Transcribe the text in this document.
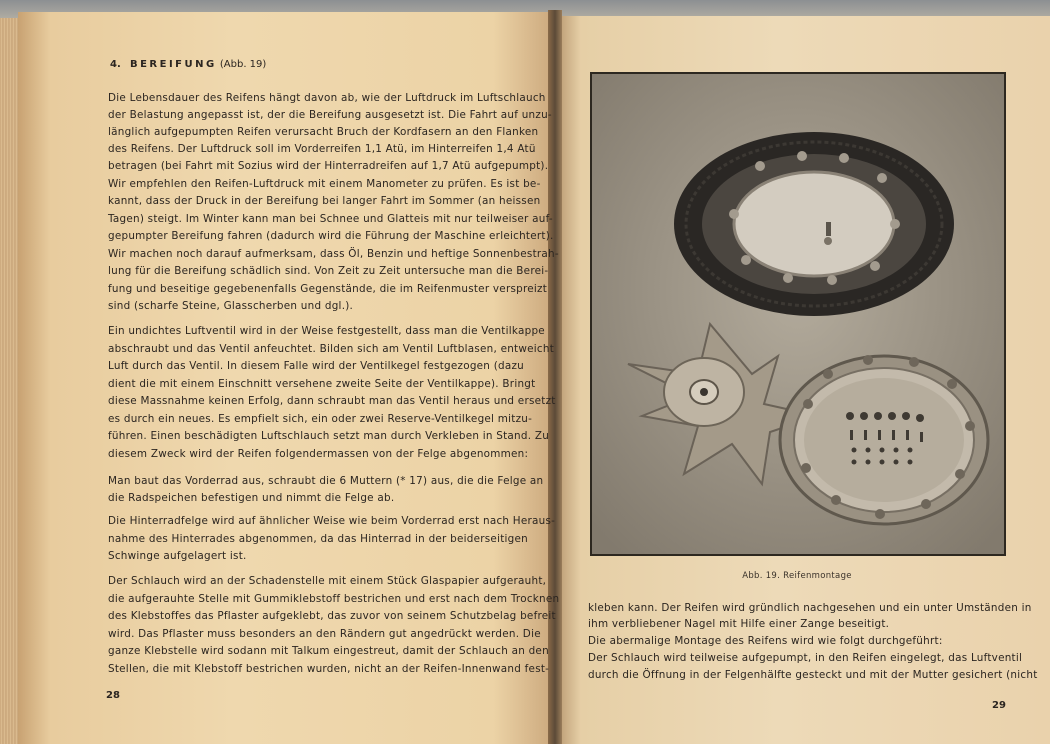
4. BEREIFUNG (Abb. 19)
Die Lebensdauer des Reifens hängt davon ab, wie der Luftdruck im Luftschlauch
der Belastung angepasst ist, der die Bereifung ausgesetzt ist. Die Fahrt auf unzu-
länglich aufgepumpten Reifen verursacht Bruch der Kordfasern an den Flanken
des Reifens. Der Luftdruck soll im Vorderreifen 1,1 Atü, im Hinterreifen 1,4 Atü
betragen (bei Fahrt mit Sozius wird der Hinterradreifen auf 1,7 Atü aufgepumpt).
Wir empfehlen den Reifen-Luftdruck mit einem Manometer zu prüfen. Es ist be-
kannt, dass der Druck in der Bereifung bei langer Fahrt im Sommer (an heissen
Tagen) steigt. Im Winter kann man bei Schnee und Glatteis mit nur teilweiser auf-
gepumpter Bereifung fahren (dadurch wird die Führung der Maschine erleichtert).
Wir machen noch darauf aufmerksam, dass Öl, Benzin und heftige Sonnenbestrah-
lung für die Bereifung schädlich sind. Von Zeit zu Zeit untersuche man die Berei-
fung und beseitige gegebenenfalls Gegenstände, die im Reifenmuster verspreizt
sind (scharfe Steine, Glasscherben und dgl.).
Ein undichtes Luftventil wird in der Weise festgestellt, dass man die Ventilkappe
abschraubt und das Ventil anfeuchtet. Bilden sich am Ventil Luftblasen, entweicht
Luft durch das Ventil. In diesem Falle wird der Ventilkegel festgezogen (dazu
dient die mit einem Einschnitt versehene zweite Seite der Ventilkappe). Bringt
diese Massnahme keinen Erfolg, dann schraubt man das Ventil heraus und ersetzt
es durch ein neues. Es empfielt sich, ein oder zwei Reserve-Ventilkegel mitzu-
führen. Einen beschädigten Luftschlauch setzt man durch Verkleben in Stand. Zu
diesem Zweck wird der Reifen folgendermassen von der Felge abgenommen:
Man baut das Vorderrad aus, schraubt die 6 Muttern (* 17) aus, die die Felge an
die Radspeichen befestigen und nimmt die Felge ab.
Die Hinterradfelge wird auf ähnlicher Weise wie beim Vorderrad erst nach Heraus-
nahme des Hinterrades abgenommen, da das Hinterrad in der beiderseitigen
Schwinge aufgelagert ist.
Der Schlauch wird an der Schadenstelle mit einem Stück Glaspapier aufgerauht,
die aufgerauhte Stelle mit Gummiklebstoff bestrichen und erst nach dem Trocknen
des Klebstoffes das Pflaster aufgeklebt, das zuvor von seinem Schutzbelag befreit
wird. Das Pflaster muss besonders an den Rändern gut angedrückt werden. Die
ganze Klebstelle wird sodann mit Talkum eingestreut, damit der Schlauch an den
Stellen, die mit Klebstoff bestrichen wurden, nicht an der Reifen-Innenwand fest-
28
Abb. 19. Reifenmontage
kleben kann. Der Reifen wird gründlich nachgesehen und ein unter Umständen in
ihm verbliebener Nagel mit Hilfe einer Zange beseitigt.
Die abermalige Montage des Reifens wird wie folgt durchgeführt:
Der Schlauch wird teilweise aufgepumpt, in den Reifen eingelegt, das Luftventil
durch die Öffnung in der Felgenhälfte gesteckt und mit der Mutter gesichert (nicht
29
